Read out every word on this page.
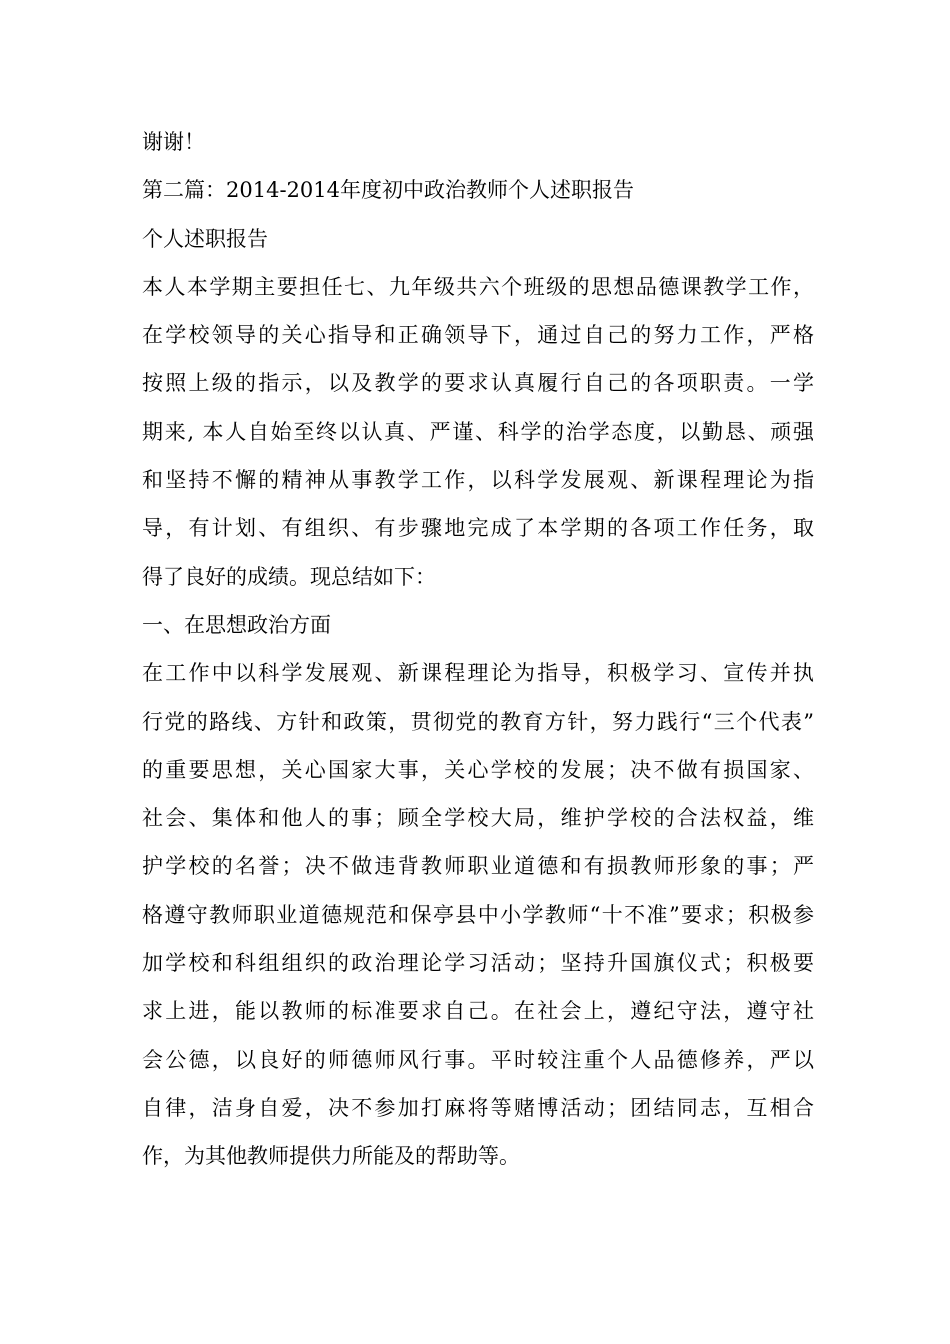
谢谢！
第二篇：2014-2014年度初中政治教师个人述职报告
个人述职报告
本人本学期主要担任七、九年级共六个班级的思想品德课教学工作，
在学校领导的关心指导和正确领导下，通过自己的努力工作，严格
按照上级的指示，以及教学的要求认真履行自己的各项职责。一学
期来, 本人自始至终以认真、严谨、科学的治学态度，以勤恳、顽强
和坚持不懈的精神从事教学工作，以科学发展观、新课程理论为指
导，有计划、有组织、有步骤地完成了本学期的各项工作任务，取
得了良好的成绩。现总结如下：
一、在思想政治方面
在工作中以科学发展观、新课程理论为指导，积极学习、宣传并执
行党的路线、方针和政策，贯彻党的教育方针，努力践行“三个代表”
的重要思想，关心国家大事，关心学校的发展；决不做有损国家、
社会、集体和他人的事；顾全学校大局，维护学校的合法权益，维
护学校的名誉；决不做违背教师职业道德和有损教师形象的事；严
格遵守教师职业道德规范和保亭县中小学教师“十不准”要求；积极参
加学校和科组组织的政治理论学习活动；坚持升国旗仪式；积极要
求上进，能以教师的标准要求自己。在社会上，遵纪守法，遵守社
会公德，以良好的师德师风行事。平时较注重个人品德修养，严以
自律，洁身自爱，决不参加打麻将等赌博活动；团结同志，互相合
作，为其他教师提供力所能及的帮助等。
